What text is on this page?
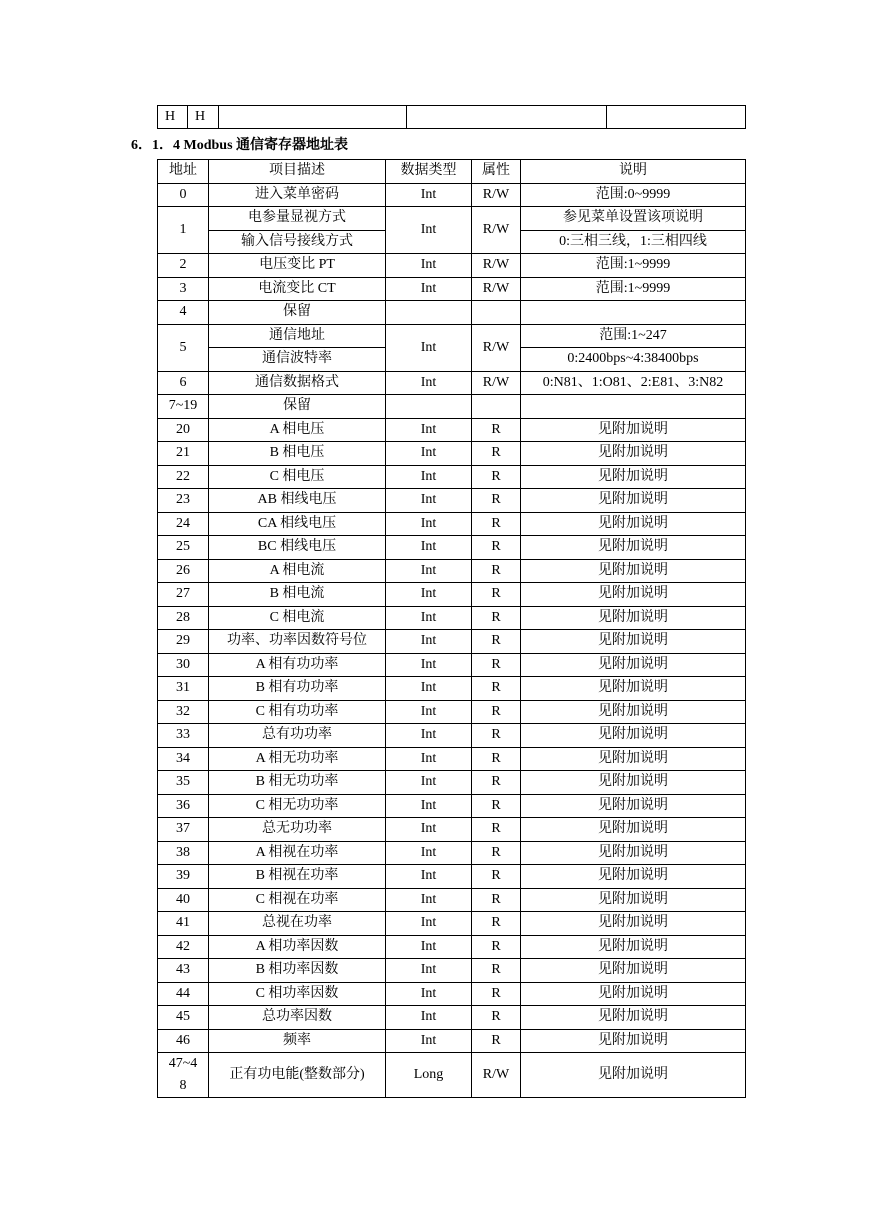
H	H			
6．1．4 Modbus 通信寄存器地址表
地址	项目描述	数据类型	属性	说明
0	进入菜单密码	Int	R/W	范围:0~9999
1	电参量显视方式	Int	R/W	参见菜单设置该项说明
	输入信号接线方式			0:三相三线，1:三相四线
2	电压变比 PT	Int	R/W	范围:1~9999
3	电流变比 CT	Int	R/W	范围:1~9999
4	保留			
5	通信地址	Int	R/W	范围:1~247
	通信波特率			0:2400bps~4:38400bps
6	通信数据格式	Int	R/W	0:N81、1:O81、2:E81、3:N82
7~19	保留			
20	A 相电压	Int	R	见附加说明
21	B 相电压	Int	R	见附加说明
22	C 相电压	Int	R	见附加说明
23	AB 相线电压	Int	R	见附加说明
24	CA 相线电压	Int	R	见附加说明
25	BC 相线电压	Int	R	见附加说明
26	A 相电流	Int	R	见附加说明
27	B 相电流	Int	R	见附加说明
28	C 相电流	Int	R	见附加说明
29	功率、功率因数符号位	Int	R	见附加说明
30	A 相有功功率	Int	R	见附加说明
31	B 相有功功率	Int	R	见附加说明
32	C 相有功功率	Int	R	见附加说明
33	总有功功率	Int	R	见附加说明
34	A 相无功功率	Int	R	见附加说明
35	B 相无功功率	Int	R	见附加说明
36	C 相无功功率	Int	R	见附加说明
37	总无功功率	Int	R	见附加说明
38	A 相视在功率	Int	R	见附加说明
39	B 相视在功率	Int	R	见附加说明
40	C 相视在功率	Int	R	见附加说明
41	总视在功率	Int	R	见附加说明
42	A 相功率因数	Int	R	见附加说明
43	B 相功率因数	Int	R	见附加说明
44	C 相功率因数	Int	R	见附加说明
45	总功率因数	Int	R	见附加说明
46	频率	Int	R	见附加说明
47~48	正有功电能(整数部分)	Long	R/W	见附加说明
